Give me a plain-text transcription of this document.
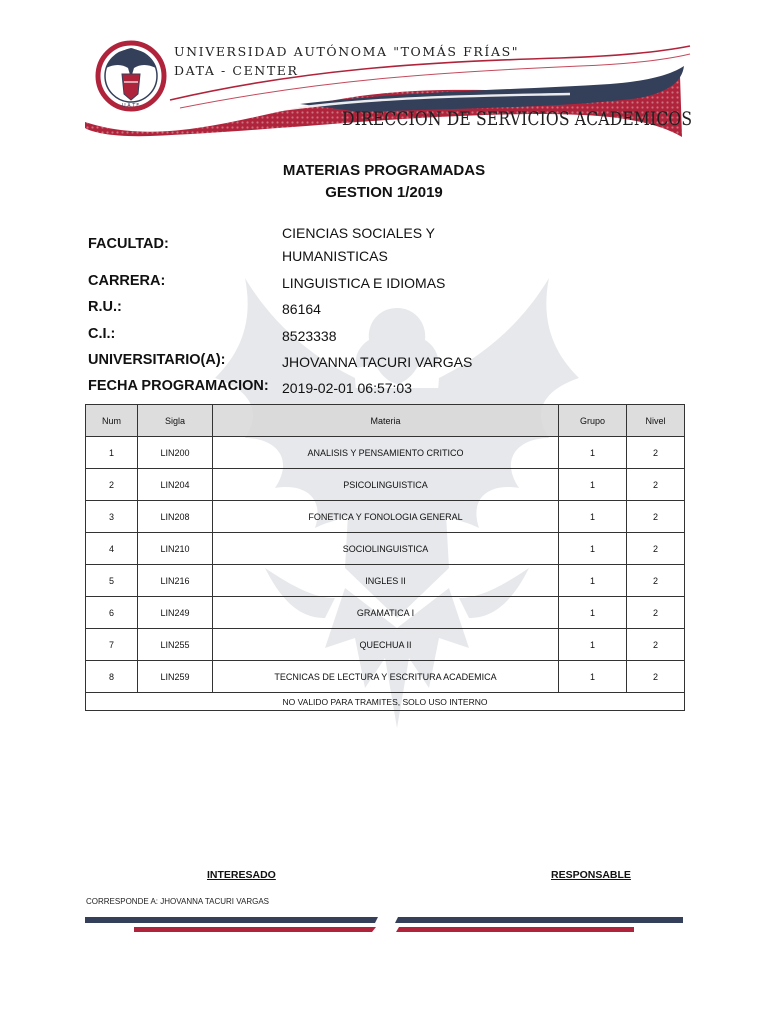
U.A.T.F.
UNIVERSIDAD AUTÓNOMA "TOMÁS FRÍAS"
DATA - CENTER
DIRECCION DE SERVICIOS ACADEMICOS
MATERIAS PROGRAMADAS
GESTION 1/2019
FACULTAD:
CIENCIAS SOCIALES Y
HUMANISTICAS
CARRERA:	LINGUISTICA E IDIOMAS
R.U.:	86164
C.I.:	8523338
UNIVERSITARIO(A):	JHOVANNA TACURI VARGAS
FECHA PROGRAMACION: 2019-02-01 06:57:03
Num	Sigla	Materia	Grupo	Nivel
1	LIN200	ANALISIS Y PENSAMIENTO CRITICO	1	2
2	LIN204	PSICOLINGUISTICA	1	2
3	LIN208	FONETICA Y FONOLOGIA GENERAL	1	2
4	LIN210	SOCIOLINGUISTICA	1	2
5	LIN216	INGLES II	1	2
6	LIN249	GRAMATICA I	1	2
7	LIN255	QUECHUA II	1	2
8	LIN259	TECNICAS DE LECTURA Y ESCRITURA ACADEMICA	1	2
NO VALIDO PARA TRAMITES, SOLO USO INTERNO				
INTERESADO	RESPONSABLE
CORRESPONDE A: JHOVANNA TACURI VARGAS
